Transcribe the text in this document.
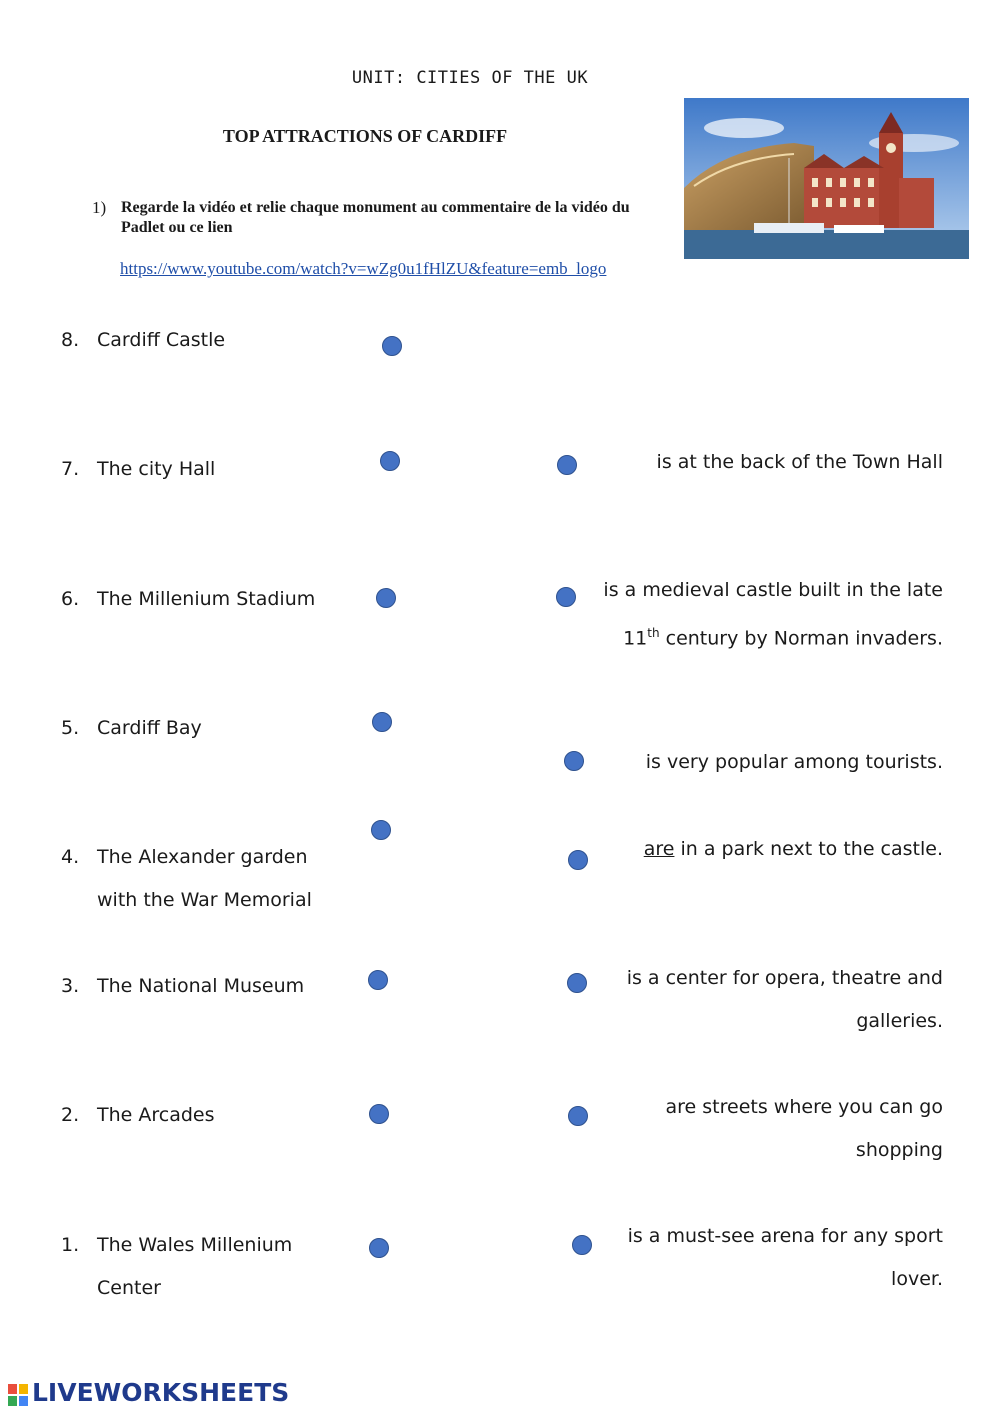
UNIT: CITIES OF THE UK
TOP ATTRACTIONS OF CARDIFF
1) Regarde la vidéo et relie chaque monument au commentaire de la vidéo du Padlet ou ce lien
https://www.youtube.com/watch?v=wZg0u1fHlZU&feature=emb_logo
8. Cardiff Castle
7. The city Hall
6. The Millenium Stadium
5. Cardiff Bay
4. The Alexander garden
with the War Memorial
3. The National Museum
2. The Arcades
1. The Wales Millenium
Center
is at the back of the Town Hall
is a medieval castle built in the late
11th century by Norman invaders.
is very popular among tourists.
are in a park next to the castle.
is a center for opera, theatre and
galleries.
are streets where you can go
shopping
is a must-see arena for any sport
lover.
LIVEWORKSHEETS
